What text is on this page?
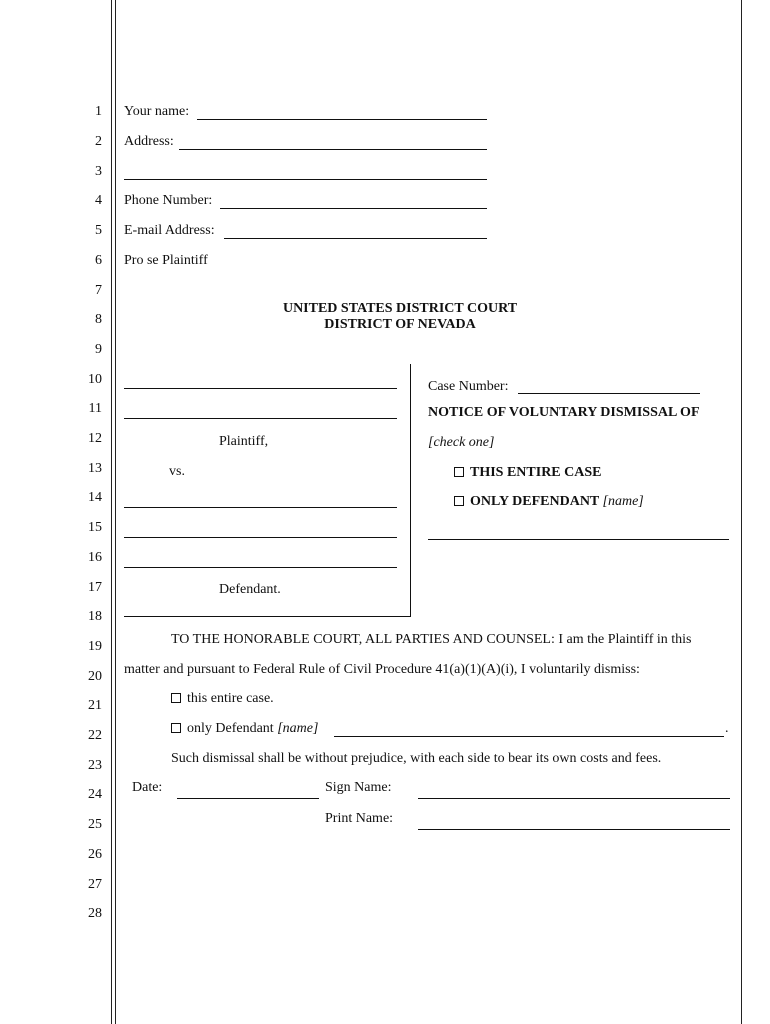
1
2
3
4
5
6
7
8
9
10
11
12
13
14
15
16
17
18
19
20
21
22
23
24
25
26
27
28
Your name:
Address:
Phone Number:
E-mail Address:
Pro se Plaintiff
UNITED STATES DISTRICT COURT
DISTRICT OF NEVADA
Plaintiff,
vs.
Defendant.
Case Number:
NOTICE OF VOLUNTARY DISMISSAL OF
[check one]
THIS ENTIRE CASE
ONLY DEFENDANT [name]
TO THE HONORABLE COURT, ALL PARTIES AND COUNSEL: I am the Plaintiff in this
matter and pursuant to Federal Rule of Civil Procedure 41(a)(1)(A)(i), I voluntarily dismiss:
this entire case.
only Defendant [name]	.
Such dismissal shall be without prejudice, with each side to bear its own costs and fees.
Date:	Sign Name:
Print Name:
